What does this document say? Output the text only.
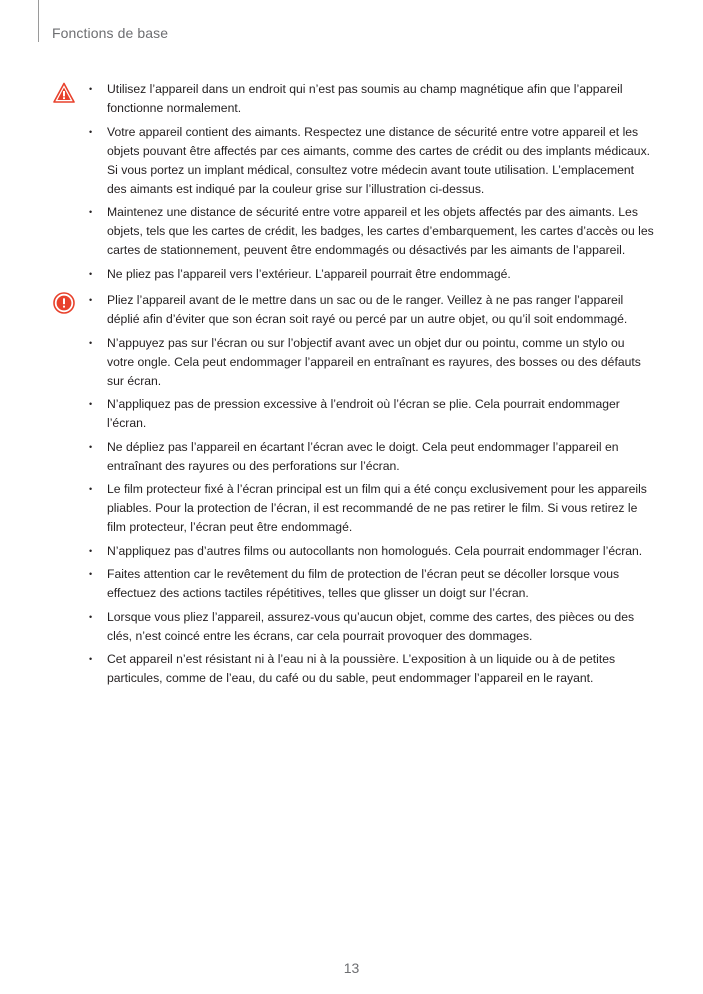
Fonctions de base
• Utilisez l’appareil dans un endroit qui n’est pas soumis au champ magnétique afin que l’appareil fonctionne normalement.
• Votre appareil contient des aimants. Respectez une distance de sécurité entre votre appareil et les objets pouvant être affectés par ces aimants, comme des cartes de crédit ou des implants médicaux. Si vous portez un implant médical, consultez votre médecin avant toute utilisation. L’emplacement des aimants est indiqué par la couleur grise sur l’illustration ci-dessus.
• Maintenez une distance de sécurité entre votre appareil et les objets affectés par des aimants. Les objets, tels que les cartes de crédit, les badges, les cartes d’embarquement, les cartes d’accès ou les cartes de stationnement, peuvent être endommagés ou désactivés par les aimants de l’appareil.
• Ne pliez pas l’appareil vers l’extérieur. L’appareil pourrait être endommagé.
• Pliez l’appareil avant de le mettre dans un sac ou de le ranger. Veillez à ne pas ranger l’appareil déplié afin d’éviter que son écran soit rayé ou percé par un autre objet, ou qu’il soit endommagé.
• N’appuyez pas sur l’écran ou sur l’objectif avant avec un objet dur ou pointu, comme un stylo ou votre ongle. Cela peut endommager l’appareil en entraînant es rayures, des bosses ou des défauts sur écran.
• N’appliquez pas de pression excessive à l’endroit où l’écran se plie. Cela pourrait endommager l’écran.
• Ne dépliez pas l’appareil en écartant l’écran avec le doigt. Cela peut endommager l’appareil en entraînant des rayures ou des perforations sur l’écran.
• Le film protecteur fixé à l’écran principal est un film qui a été conçu exclusivement pour les appareils pliables. Pour la protection de l’écran, il est recommandé de ne pas retirer le film. Si vous retirez le film protecteur, l’écran peut être endommagé.
• N’appliquez pas d’autres films ou autocollants non homologués. Cela pourrait endommager l’écran.
• Faites attention car le revêtement du film de protection de l’écran peut se décoller lorsque vous effectuez des actions tactiles répétitives, telles que glisser un doigt sur l’écran.
• Lorsque vous pliez l’appareil, assurez-vous qu’aucun objet, comme des cartes, des pièces ou des clés, n’est coincé entre les écrans, car cela pourrait provoquer des dommages.
• Cet appareil n’est résistant ni à l’eau ni à la poussière. L’exposition à un liquide ou à de petites particules, comme de l’eau, du café ou du sable, peut endommager l’appareil en le rayant.
13
